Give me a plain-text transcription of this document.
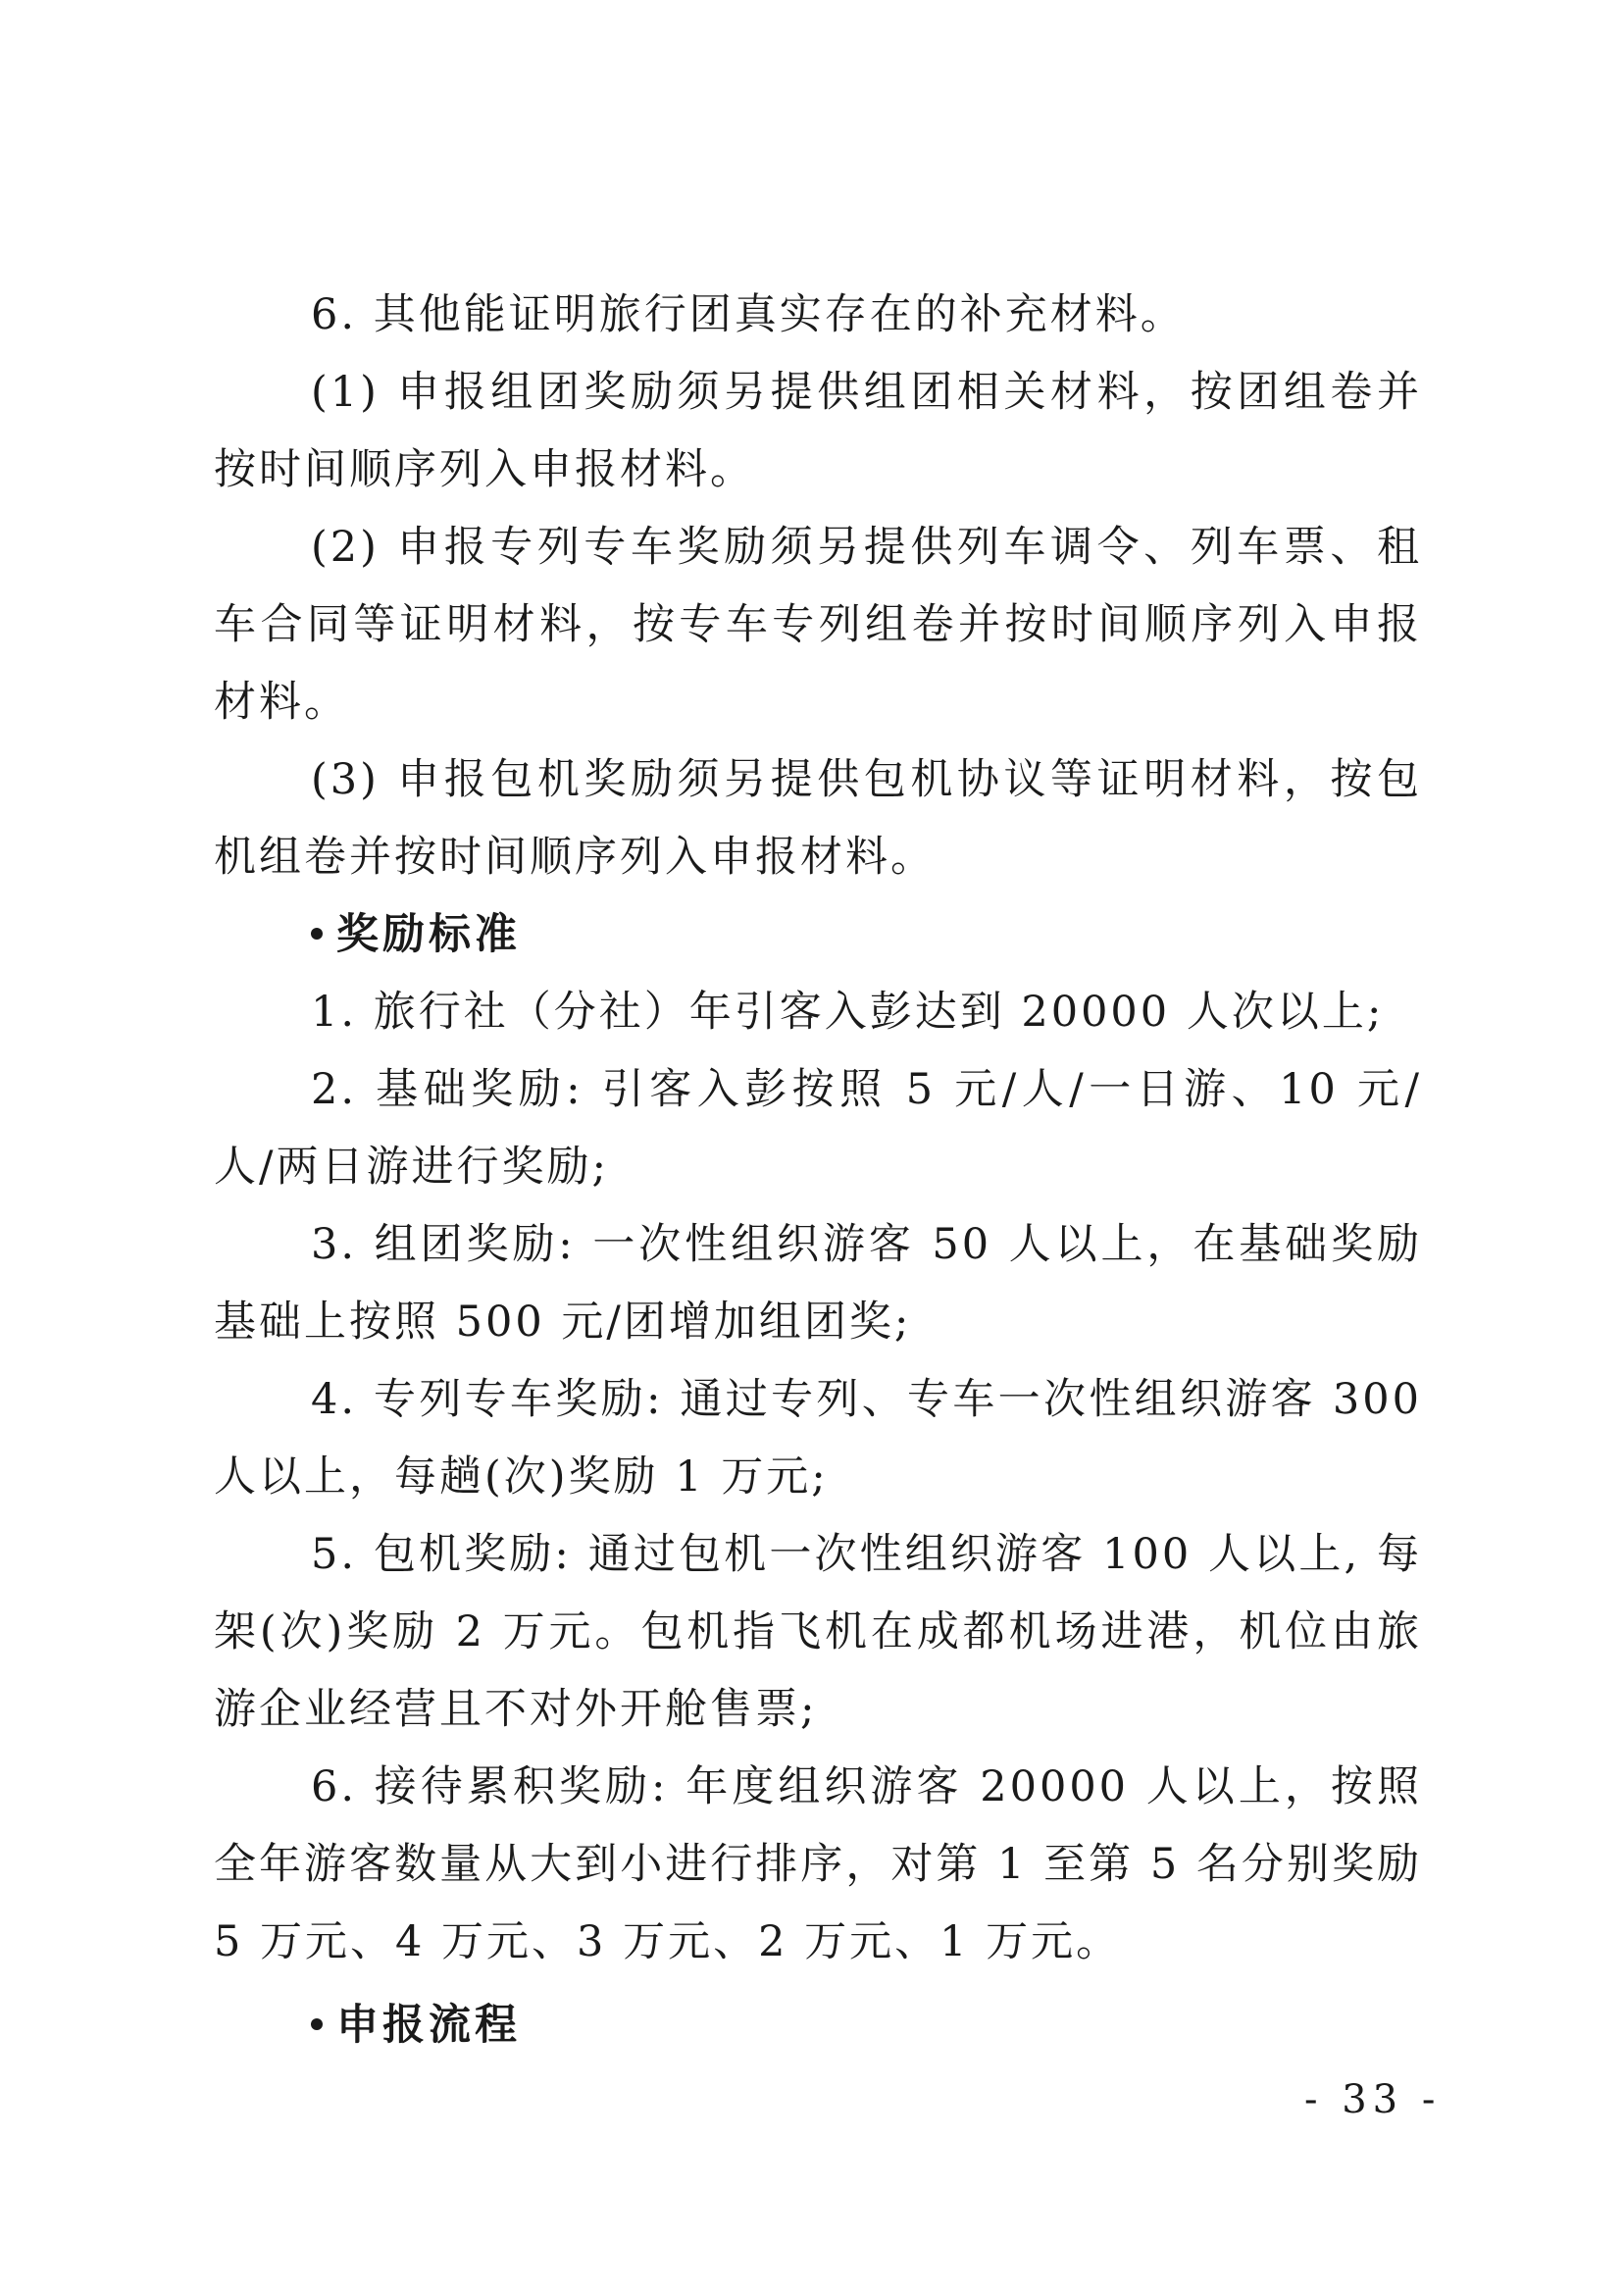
6. 其他能证明旅行团真实存在的补充材料。

(1) 申报组团奖励须另提供组团相关材料，按团组卷并按时间顺序列入申报材料。

(2) 申报专列专车奖励须另提供列车调令、列车票、租车合同等证明材料，按专车专列组卷并按时间顺序列入申报材料。

(3) 申报包机奖励须另提供包机协议等证明材料，按包机组卷并按时间顺序列入申报材料。

奖励标准

1. 旅行社（分社）年引客入彭达到 20000 人次以上;

2. 基础奖励: 引客入彭按照 5 元/人/一日游、10 元/人/两日游进行奖励;

3. 组团奖励: 一次性组织游客 50 人以上，在基础奖励基础上按照 500 元/团增加组团奖;

4. 专列专车奖励: 通过专列、专车一次性组织游客 300 人以上，每趟(次)奖励 1 万元;

5. 包机奖励: 通过包机一次性组织游客 100 人以上, 每架(次)奖励 2 万元。包机指飞机在成都机场进港，机位由旅游企业经营且不对外开舱售票;

6. 接待累积奖励: 年度组织游客 20000 人以上，按照全年游客数量从大到小进行排序，对第 1 至第 5 名分别奖励 5 万元、4 万元、3 万元、2 万元、1 万元。

申报流程
- 33 -
